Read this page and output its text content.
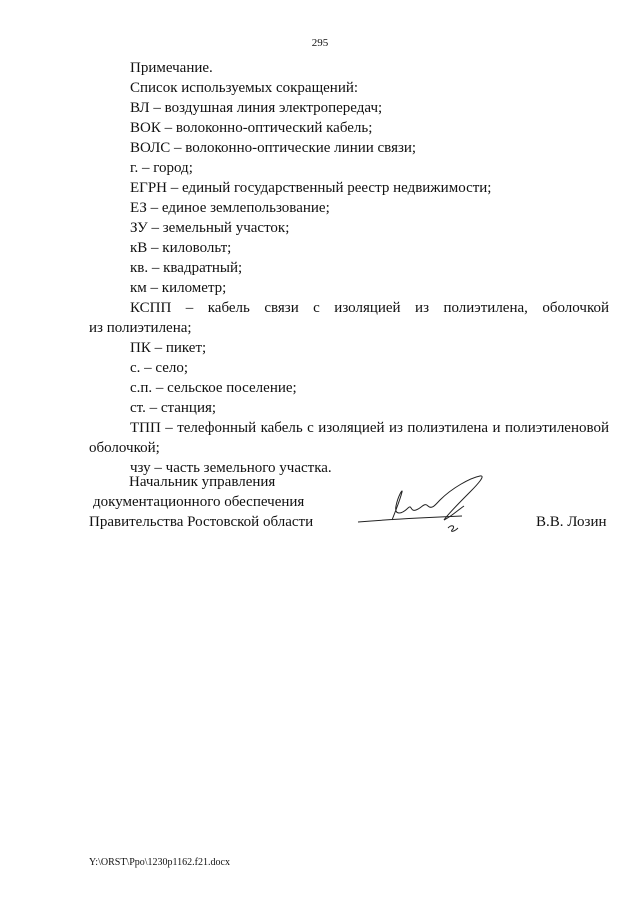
295
Примечание.
Список используемых сокращений:
ВЛ – воздушная линия электропередач;
ВОК – волоконно-оптический кабель;
ВОЛС – волоконно-оптические линии связи;
г. – город;
ЕГРН – единый государственный реестр недвижимости;
ЕЗ – единое землепользование;
ЗУ – земельный участок;
кВ – киловольт;
кв. – квадратный;
км – километр;
КСПП – кабель связи с изоляцией из полиэтилена, оболочкой
из полиэтилена;
ПК – пикет;
с. – село;
с.п. – сельское поселение;
ст. – станция;
ТПП – телефонный кабель с изоляцией из полиэтилена и полиэтиленовой
оболочкой;
чзу – часть земельного участка.
Начальник управления
документационного обеспечения
Правительства Ростовской области	В.В. Лозин
Y:\ORST\Ppo\1230p1162.f21.docx
